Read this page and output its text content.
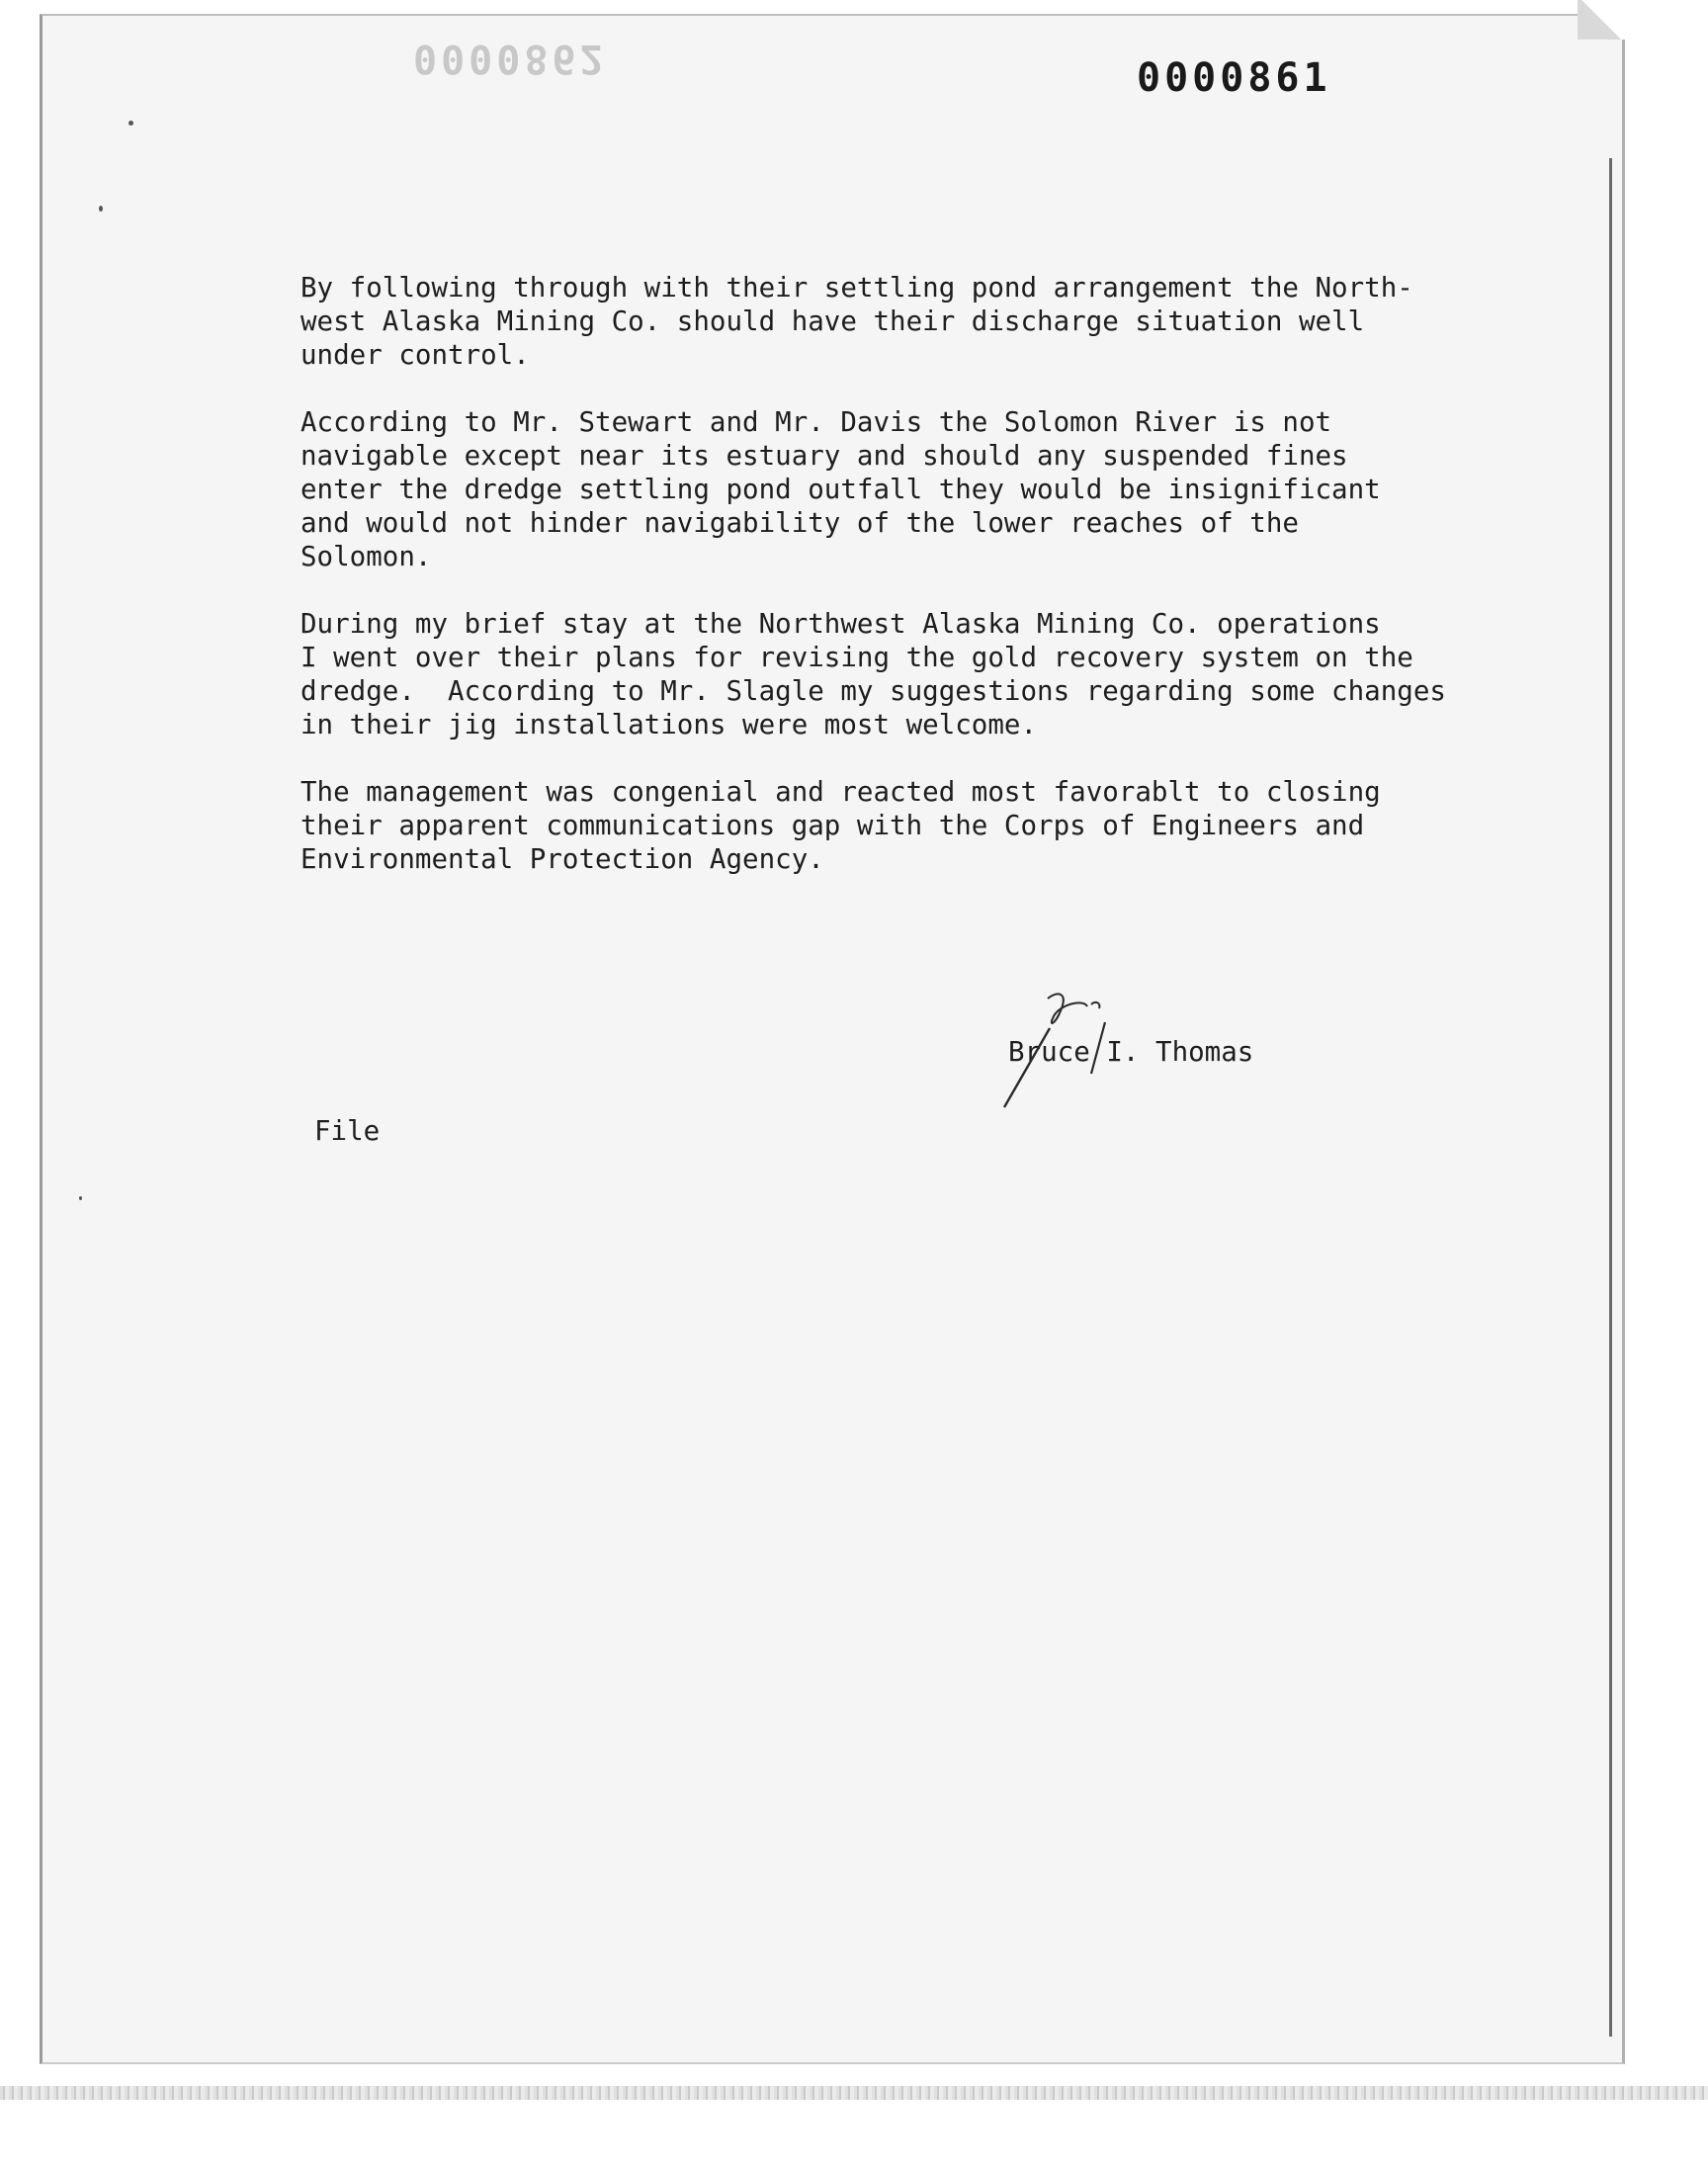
0000862	0000861

By following through with their settling pond arrangement the North-
west Alaska Mining Co. should have their discharge situation well
under control.

According to Mr. Stewart and Mr. Davis the Solomon River is not
navigable except near its estuary and should any suspended fines
enter the dredge settling pond outfall they would be insignificant
and would not hinder navigability of the lower reaches of the
Solomon.

During my brief stay at the Northwest Alaska Mining Co. operations
I went over their plans for revising the gold recovery system on the
dredge.  According to Mr. Slagle my suggestions regarding some changes
in their jig installations were most welcome.

The management was congenial and reacted most favorablt to closing
their apparent communications gap with the Corps of Engineers and
Environmental Protection Agency.

Bruce I. Thomas
File
